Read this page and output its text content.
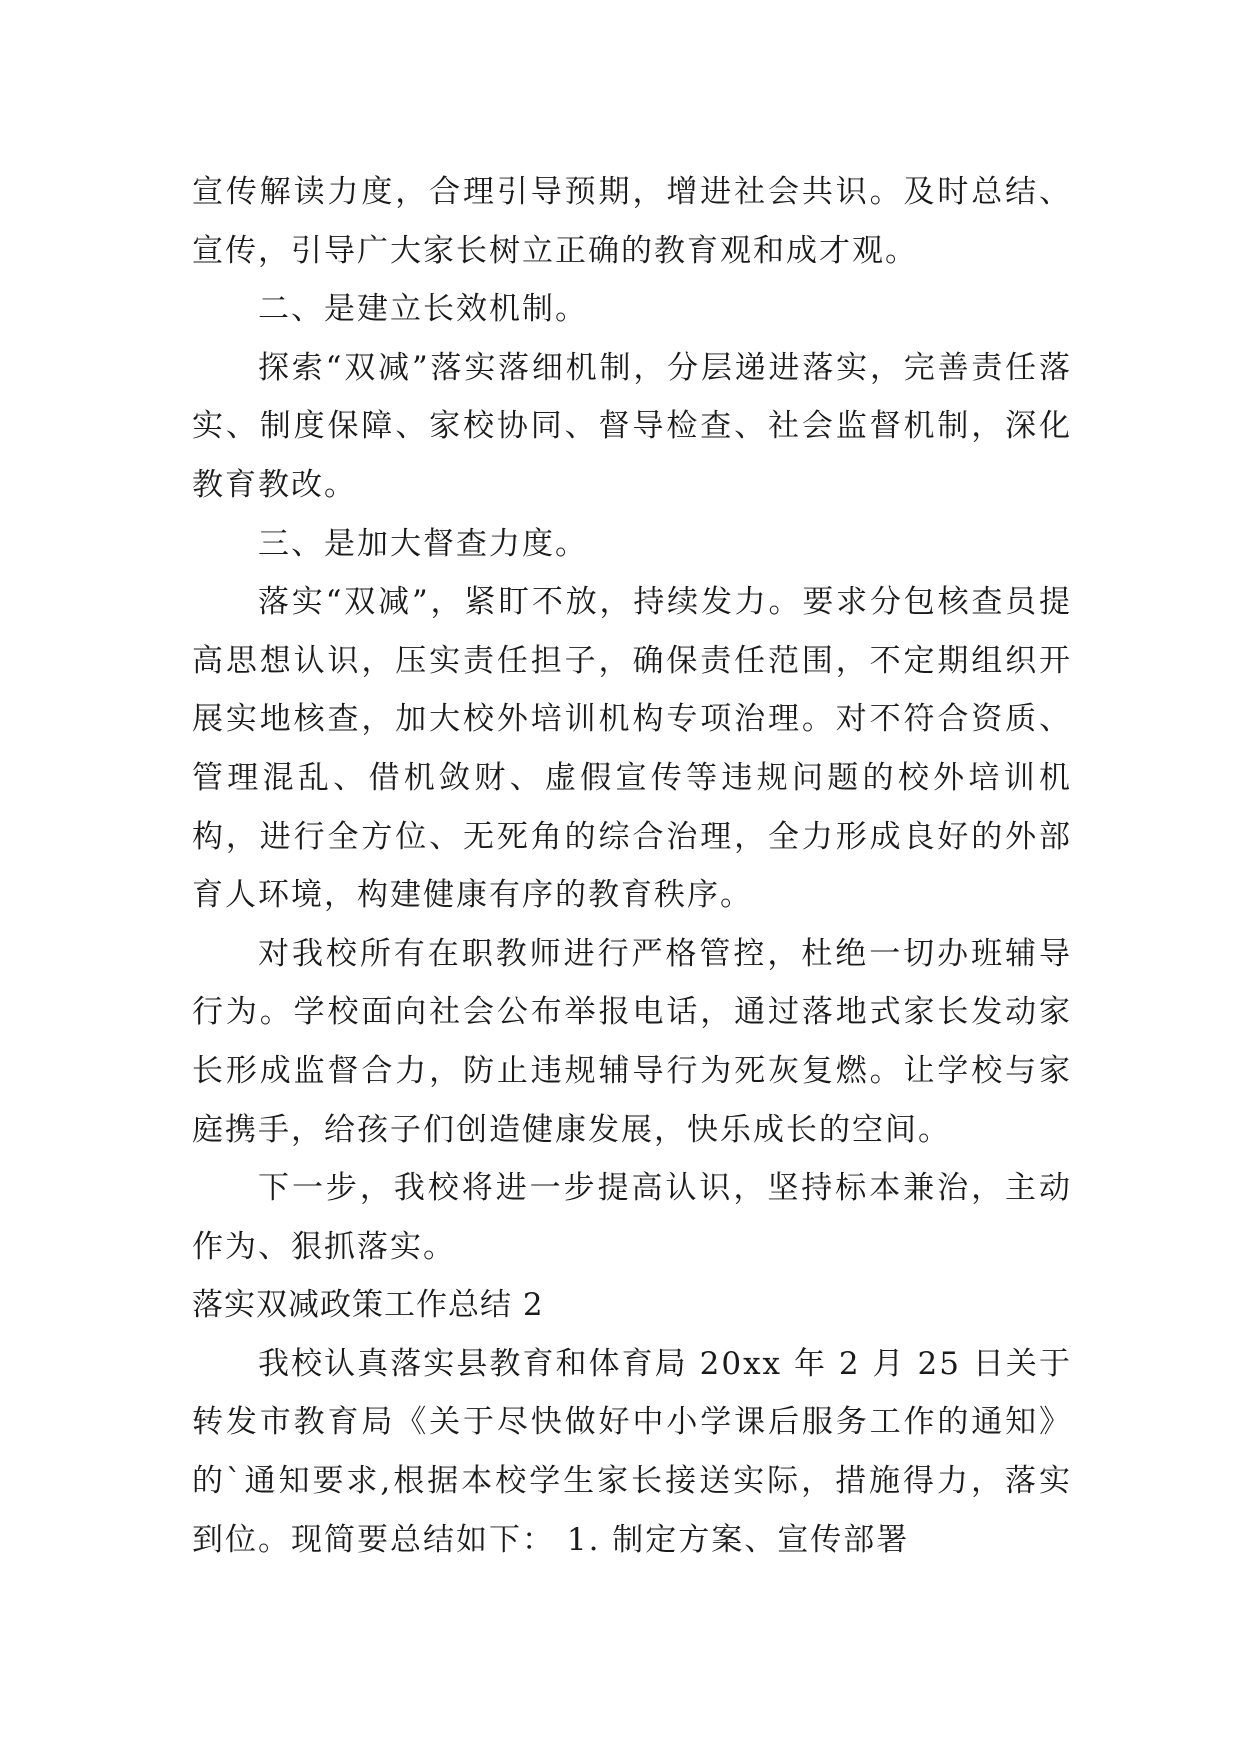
宣传解读力度，合理引导预期，增进社会共识。及时总结、宣传，引导广大家长树立正确的教育观和成才观。

二、是建立长效机制。

探索“双减”落实落细机制，分层递进落实，完善责任落实、制度保障、家校协同、督导检查、社会监督机制，深化教育教改。

三、是加大督查力度。

落实“双减”，紧盯不放，持续发力。要求分包核查员提高思想认识，压实责任担子，确保责任范围，不定期组织开展实地核查，加大校外培训机构专项治理。对不符合资质、管理混乱、借机敛财、虚假宣传等违规问题的校外培训机构，进行全方位、无死角的综合治理，全力形成良好的外部育人环境，构建健康有序的教育秩序。

对我校所有在职教师进行严格管控，杜绝一切办班辅导行为。学校面向社会公布举报电话，通过落地式家长发动家长形成监督合力，防止违规辅导行为死灰复燃。让学校与家庭携手，给孩子们创造健康发展，快乐成长的空间。

下一步，我校将进一步提高认识，坚持标本兼治，主动作为、狠抓落实。

落实双减政策工作总结 2

我校认真落实县教育和体育局 20xx 年 2 月 25 日关于转发市教育局《关于尽快做好中小学课后服务工作的通知》的`通知要求,根据本校学生家长接送实际，措施得力，落实到位。现简要总结如下： 1. 制定方案、宣传部署
